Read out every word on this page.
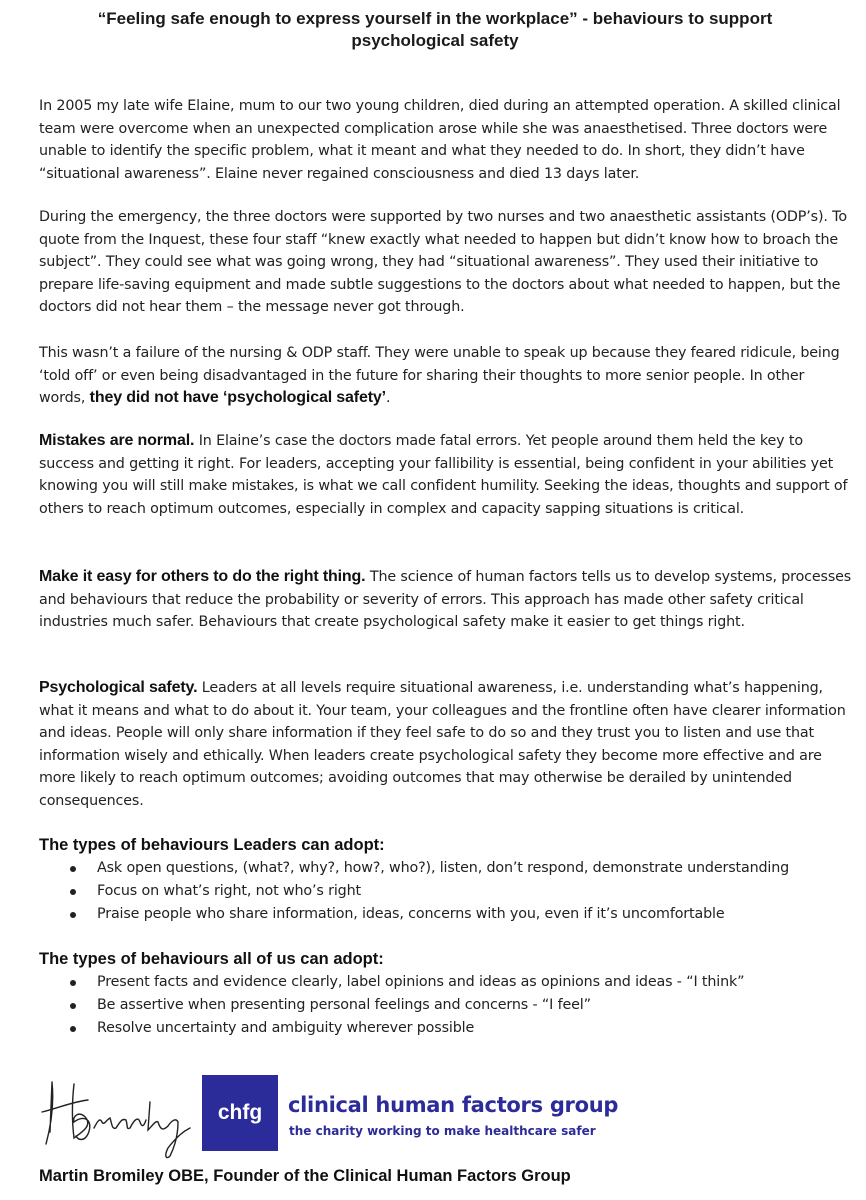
“Feeling safe enough to express yourself in the workplace” - behaviours to support psychological safety

In 2005 my late wife Elaine, mum to our two young children, died during an attempted operation. A skilled clinical team were overcome when an unexpected complication arose while she was anaesthetised. Three doctors were unable to identify the specific problem, what it meant and what they needed to do. In short, they didn’t have “situational awareness”. Elaine never regained consciousness and died 13 days later.

During the emergency, the three doctors were supported by two nurses and two anaesthetic assistants (ODP’s). To quote from the Inquest, these four staff “knew exactly what needed to happen but didn’t know how to broach the subject”. They could see what was going wrong, they had “situational awareness”. They used their initiative to prepare life-saving equipment and made subtle suggestions to the doctors about what needed to happen, but the doctors did not hear them – the message never got through.

This wasn’t a failure of the nursing & ODP staff. They were unable to speak up because they feared ridicule, being ‘told off’ or even being disadvantaged in the future for sharing their thoughts to more senior people. In other words, they did not have ‘psychological safety’.

Mistakes are normal. In Elaine’s case the doctors made fatal errors. Yet people around them held the key to success and getting it right. For leaders, accepting your fallibility is essential, being confident in your abilities yet knowing you will still make mistakes, is what we call confident humility. Seeking the ideas, thoughts and support of others to reach optimum outcomes, especially in complex and capacity sapping situations is critical.

Make it easy for others to do the right thing. The science of human factors tells us to develop systems, processes and behaviours that reduce the probability or severity of errors. This approach has made other safety critical industries much safer. Behaviours that create psychological safety make it easier to get things right.

Psychological safety. Leaders at all levels require situational awareness, i.e. understanding what’s happening, what it means and what to do about it. Your team, your colleagues and the frontline often have clearer information and ideas. People will only share information if they feel safe to do so and they trust you to listen and use that information wisely and ethically. When leaders create psychological safety they become more effective and are more likely to reach optimum outcomes; avoiding outcomes that may otherwise be derailed by unintended consequences.

The types of behaviours Leaders can adopt:
Ask open questions, (what?, why?, how?, who?), listen, don’t respond, demonstrate understanding
Focus on what’s right, not who’s right
Praise people who share information, ideas, concerns with you, even if it’s uncomfortable
The types of behaviours all of us can adopt:
Present facts and evidence clearly, label opinions and ideas as opinions and ideas - “I think”
Be assertive when presenting personal feelings and concerns - “I feel”
Resolve uncertainty and ambiguity wherever possible
chfg clinical human factors group

the charity working to make healthcare safer

Martin Bromiley OBE, Founder of the Clinical Human Factors Group
